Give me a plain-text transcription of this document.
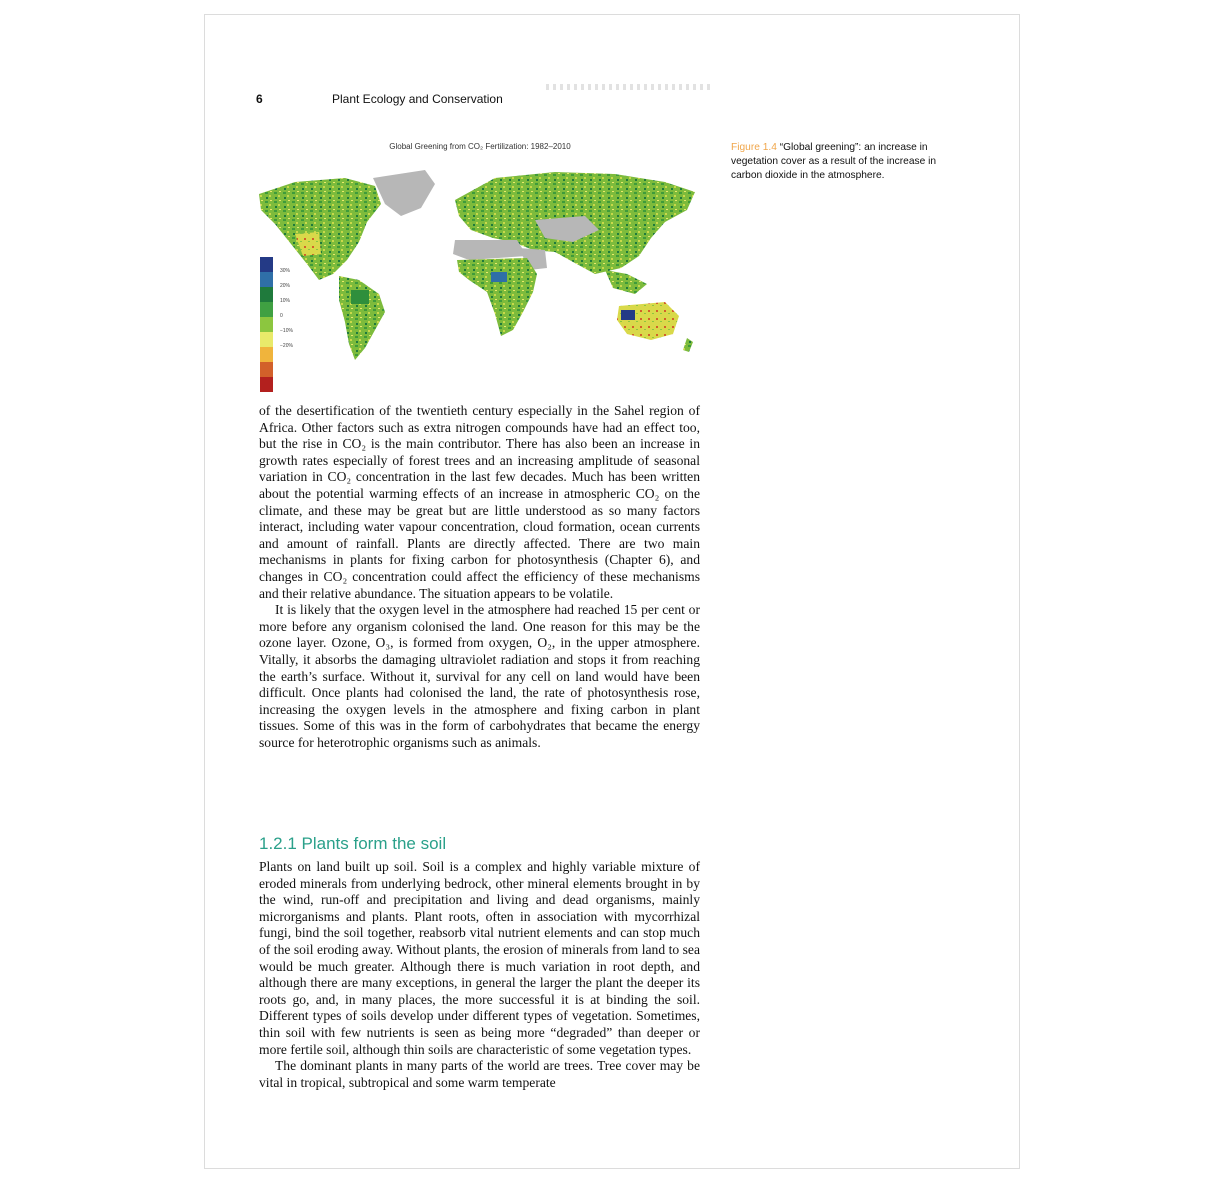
6	Plant Ecology and Conservation
Global Greening from CO₂ Fertilization: 1982–2010
30%
20%
10%
0
−10%
−20%
Figure 1.4 “Global greening”: an increase in vegetation cover as a result of the increase in carbon dioxide in the atmosphere.

of the desertification of the twentieth century especially in the Sahel region of Africa. Other factors such as extra nitrogen compounds have had an effect too, but the rise in CO₂ is the main contributor. There has also been an increase in growth rates especially of forest trees and an increasing amplitude of seasonal variation in CO₂ concentration in the last few decades. Much has been written about the potential warming effects of an increase in atmospheric CO₂ on the climate, and these may be great but are little understood as so many factors interact, including water vapour concentration, cloud formation, ocean currents and amount of rainfall. Plants are directly affected. There are two main mechanisms in plants for fixing carbon for photosynthesis (Chapter 6), and changes in CO₂ concentration could affect the efficiency of these mechanisms and their relative abundance. The situation appears to be volatile.

It is likely that the oxygen level in the atmosphere had reached 15 per cent or more before any organism colonised the land. One reason for this may be the ozone layer. Ozone, O₃, is formed from oxygen, O₂, in the upper atmosphere. Vitally, it absorbs the damaging ultraviolet radiation and stops it from reaching the earth’s surface. Without it, survival for any cell on land would have been difficult. Once plants had colonised the land, the rate of photosynthesis rose, increasing the oxygen levels in the atmosphere and fixing carbon in plant tissues. Some of this was in the form of carbohydrates that became the energy source for heterotrophic organisms such as animals.

1.2.1 Plants form the soil

Plants on land built up soil. Soil is a complex and highly variable mixture of eroded minerals from underlying bedrock, other mineral elements brought in by the wind, run-off and precipitation and living and dead organisms, mainly microrganisms and plants. Plant roots, often in association with mycorrhizal fungi, bind the soil together, reabsorb vital nutrient elements and can stop much of the soil eroding away. Without plants, the erosion of minerals from land to sea would be much greater. Although there is much variation in root depth, and although there are many exceptions, in general the larger the plant the deeper its roots go, and, in many places, the more successful it is at binding the soil. Different types of soils develop under different types of vegetation. Sometimes, thin soil with few nutrients is seen as being more “degraded” than deeper or more fertile soil, although thin soils are characteristic of some vegetation types.

The dominant plants in many parts of the world are trees. Tree cover may be vital in tropical, subtropical and some warm temperate
